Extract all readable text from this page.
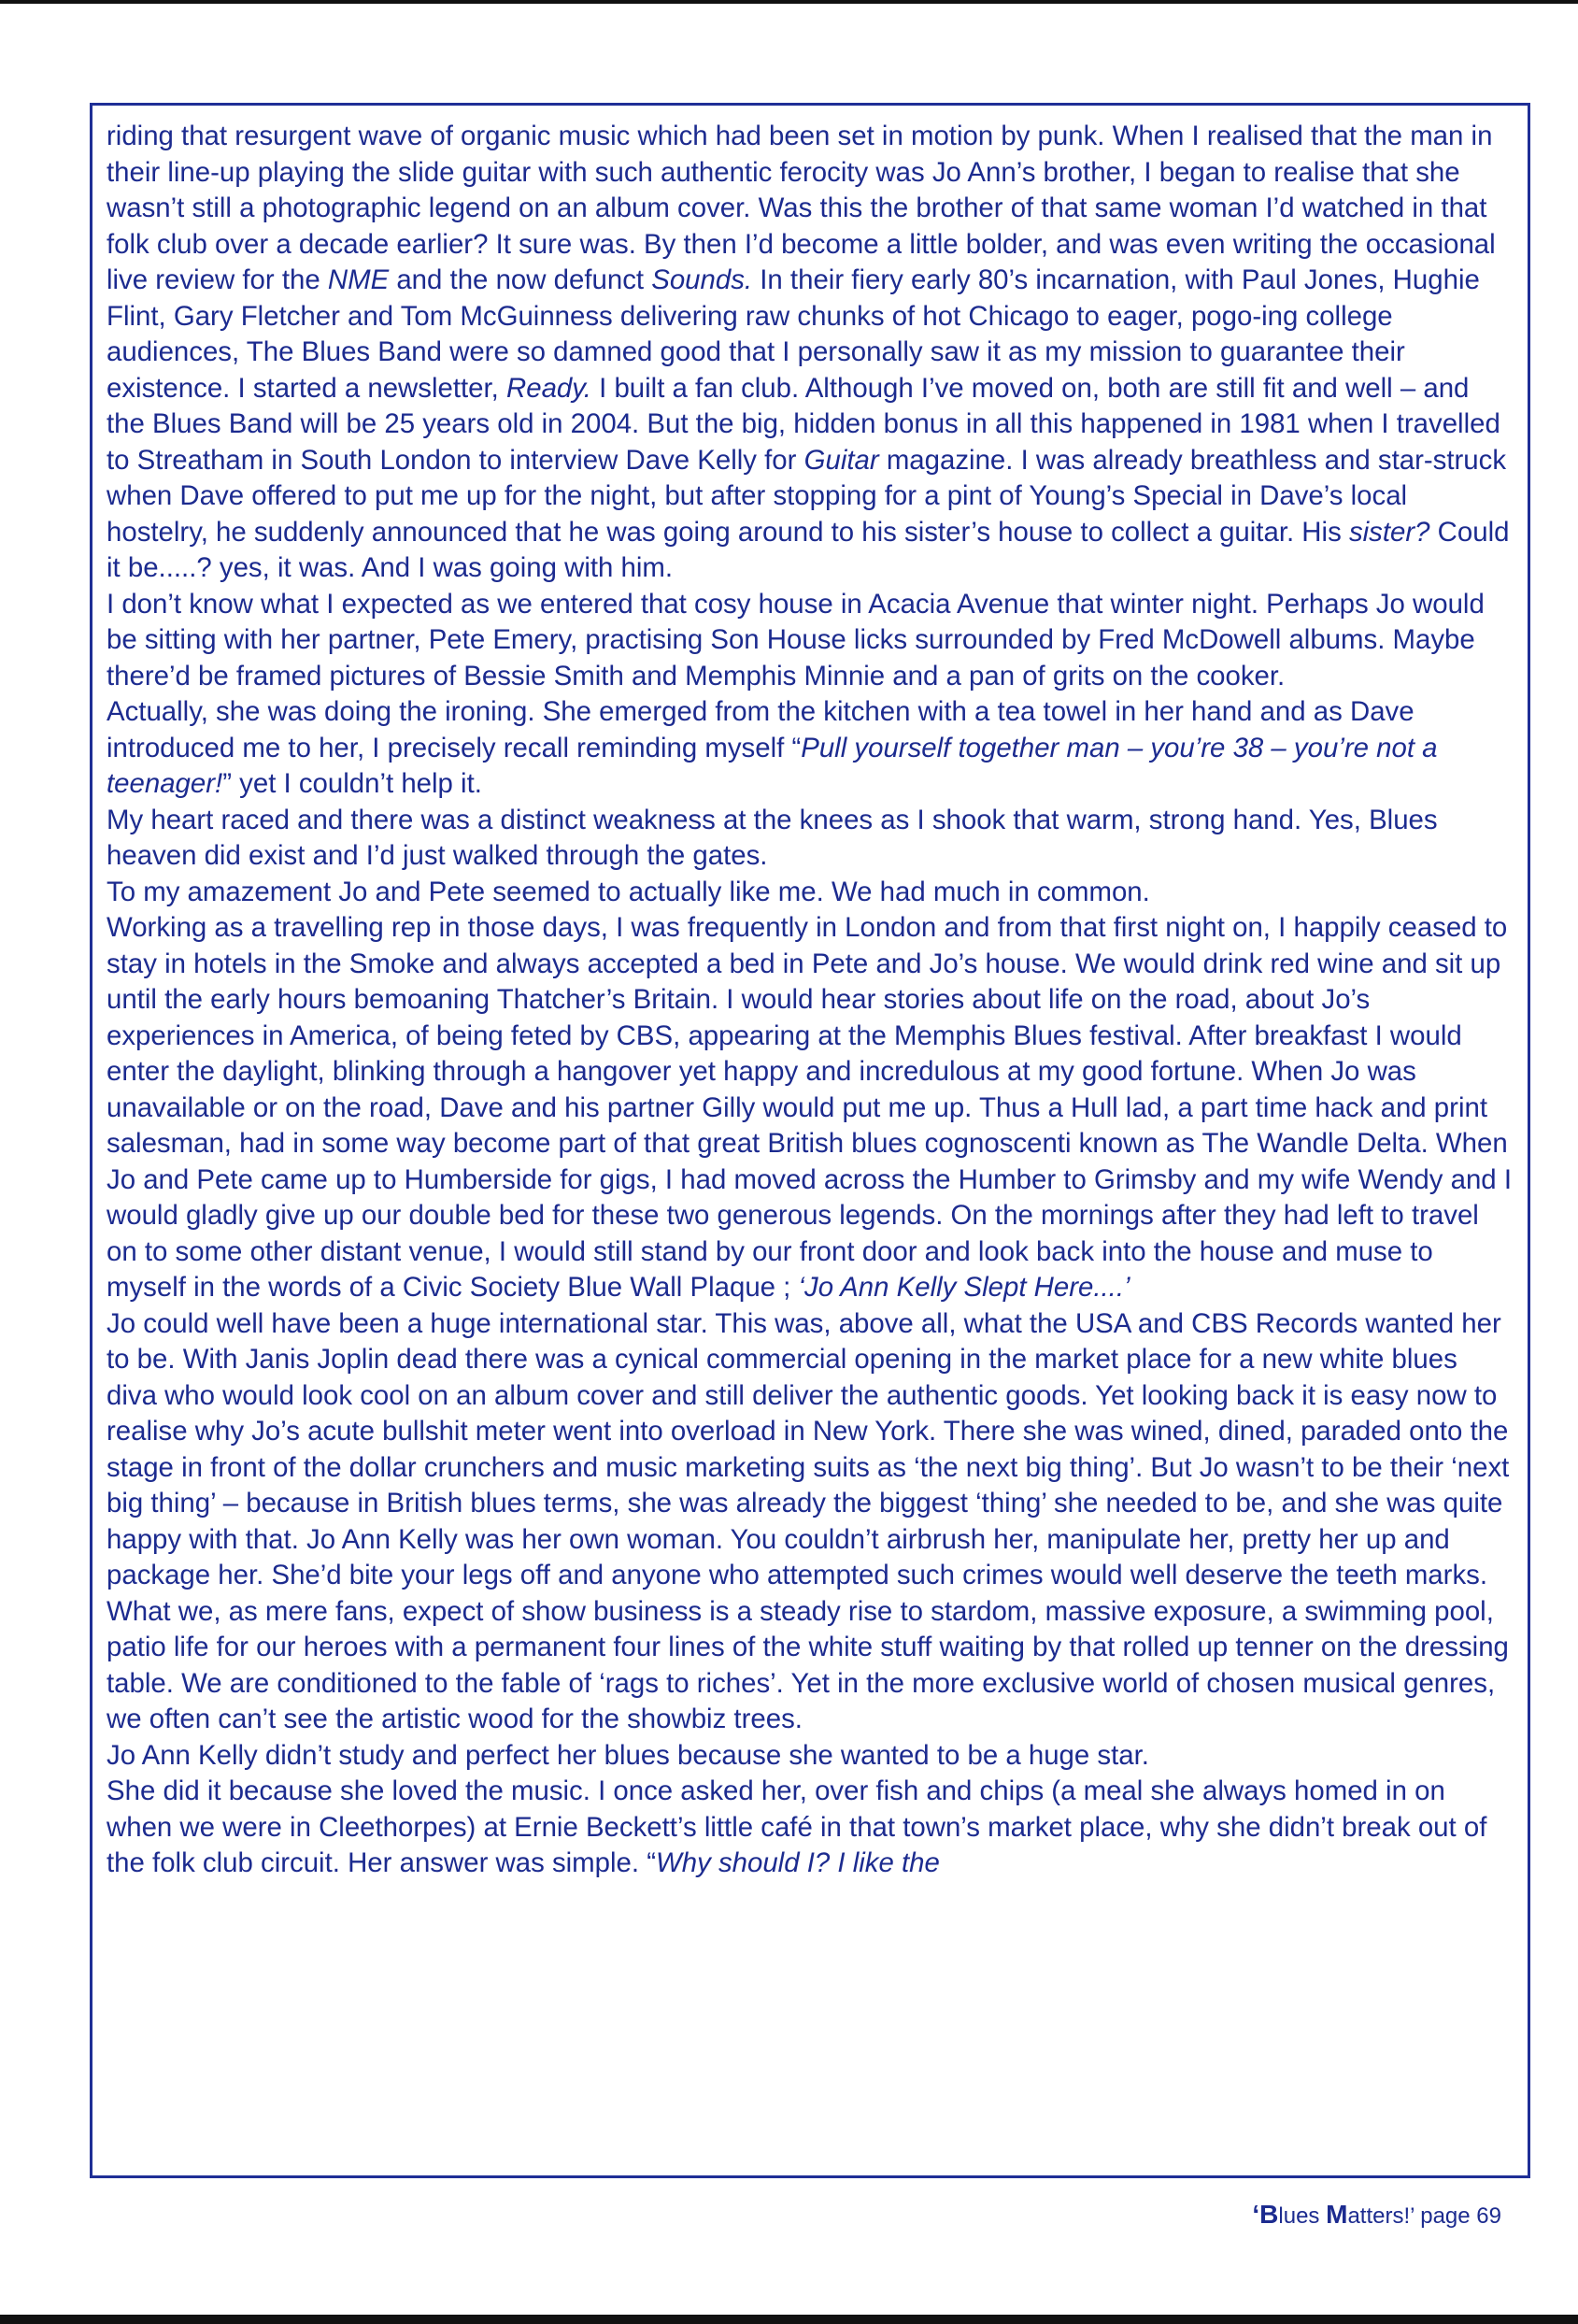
riding that resurgent wave of organic music which had been set in motion by punk. When I realised that the man in their line-up playing the slide guitar with such authentic ferocity was Jo Ann’s brother, I began to realise that she wasn’t still a photographic legend on an album cover. Was this the brother of that same woman I’d watched in that folk club over a decade earlier? It sure was. By then I’d become a little bolder, and was even writing the occasional live review for the NME and the now defunct Sounds. In their fiery early 80’s incarnation, with Paul Jones, Hughie Flint, Gary Fletcher and Tom McGuinness delivering raw chunks of hot Chicago to eager, pogo-ing college audiences, The Blues Band were so damned good that I personally saw it as my mission to guarantee their existence. I started a newsletter, Ready. I built a fan club. Although I’ve moved on, both are still fit and well – and the Blues Band will be 25 years old in 2004. But the big, hidden bonus in all this happened in 1981 when I travelled to Streatham in South London to interview Dave Kelly for Guitar magazine. I was already breathless and star-struck when Dave offered to put me up for the night, but after stopping for a pint of Young’s Special in Dave’s local hostelry, he suddenly announced that he was going around to his sister’s house to collect a guitar. His sister? Could it be.....? yes, it was. And I was going with him.

I don’t know what I expected as we entered that cosy house in Acacia Avenue that winter night. Perhaps Jo would be sitting with her partner, Pete Emery, practising Son House licks surrounded by Fred McDowell albums. Maybe there’d be framed pictures of Bessie Smith and Memphis Minnie and a pan of grits on the cooker.

Actually, she was doing the ironing. She emerged from the kitchen with a tea towel in her hand and as Dave introduced me to her, I precisely recall reminding myself “Pull yourself together man – you’re 38 – you’re not a teenager!” yet I couldn’t help it.

My heart raced and there was a distinct weakness at the knees as I shook that warm, strong hand. Yes, Blues heaven did exist and I’d just walked through the gates.

To my amazement Jo and Pete seemed to actually like me. We had much in common.

Working as a travelling rep in those days, I was frequently in London and from that first night on, I happily ceased to stay in hotels in the Smoke and always accepted a bed in Pete and Jo’s house. We would drink red wine and sit up until the early hours bemoaning Thatcher’s Britain. I would hear stories about life on the road, about Jo’s experiences in America, of being feted by CBS, appearing at the Memphis Blues festival. After breakfast I would enter the daylight, blinking through a hangover yet happy and incredulous at my good fortune. When Jo was unavailable or on the road, Dave and his partner Gilly would put me up. Thus a Hull lad, a part time hack and print salesman, had in some way become part of that great British blues cognoscenti known as The Wandle Delta. When Jo and Pete came up to Humberside for gigs, I had moved across the Humber to Grimsby and my wife Wendy and I would gladly give up our double bed for these two generous legends. On the mornings after they had left to travel on to some other distant venue, I would still stand by our front door and look back into the house and muse to myself in the words of a Civic Society Blue Wall Plaque ; ‘Jo Ann Kelly Slept Here....’

Jo could well have been a huge international star. This was, above all, what the USA and CBS Records wanted her to be. With Janis Joplin dead there was a cynical commercial opening in the market place for a new white blues diva who would look cool on an album cover and still deliver the authentic goods. Yet looking back it is easy now to realise why Jo’s acute bullshit meter went into overload in New York. There she was wined, dined, paraded onto the stage in front of the dollar crunchers and music marketing suits as ‘the next big thing’. But Jo wasn’t to be their ‘next big thing’ – because in British blues terms, she was already the biggest ‘thing’ she needed to be, and she was quite happy with that. Jo Ann Kelly was her own woman. You couldn’t airbrush her, manipulate her, pretty her up and package her. She’d bite your legs off and anyone who attempted such crimes would well deserve the teeth marks.

What we, as mere fans, expect of show business is a steady rise to stardom, massive exposure, a swimming pool, patio life for our heroes with a permanent four lines of the white stuff waiting by that rolled up tenner on the dressing table. We are conditioned to the fable of ‘rags to riches’. Yet in the more exclusive world of chosen musical genres, we often can’t see the artistic wood for the showbiz trees.

Jo Ann Kelly didn’t study and perfect her blues because she wanted to be a huge star.

She did it because she loved the music. I once asked her, over fish and chips (a meal she always homed in on when we were in Cleethorpes) at Ernie Beckett’s little café in that town’s market place, why she didn’t break out of the folk club circuit. Her answer was simple. “Why should I? I like the

‘Blues Matters!’ page 69
